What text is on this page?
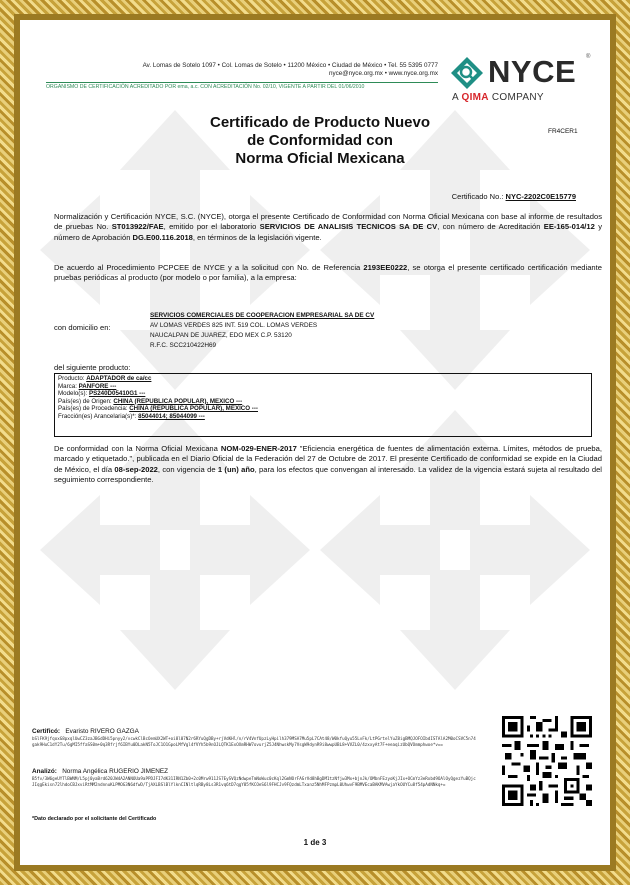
Av. Lomas de Sotelo 1097 • Col. Lomas de Sotelo • 11200 México • Ciudad de México • Tel. 55 5395 0777
nyce@nyce.org.mx • www.nyce.org.mx
ORGANISMO DE CERTIFICACIÓN ACREDITADO POR ema, a.c. CON ACREDITACIÓN No. 02/10, VIGENTE A PARTIR DEL 01/06/2010	NYCE ®
A QIMA COMPANY
Certificado de Producto Nuevo
de Conformidad con
Norma Oficial Mexicana
FR4CER1
Certificado No.: NYC-2202C0E15779
Normalización y Certificación NYCE, S.C. (NYCE), otorga el presente Certificado de Conformidad con Norma Oficial Mexicana con base al informe de resultados de pruebas No. ST013922/FAE, emitido por el laboratorio SERVICIOS DE ANALISIS TECNICOS SA DE CV, con número de Acreditación EE-165-014/12 y número de Aprobación DG.E00.116.2018, en términos de la legislación vigente.
De acuerdo al Procedimiento PCPCEE de NYCE y a la solicitud con No. de Referencia 2193EE0222, se otorga el presente certificado certificación mediante pruebas periódicas al producto (por modelo o por familia), a la empresa:
con domicilio en:
SERVICIOS COMERCIALES DE COOPERACION EMPRESARIAL SA DE CV
AV LOMAS VERDES 825 INT. 519 COL. LOMAS VERDES
NAUCALPAN DE JUAREZ, EDO MEX C.P. 53120
R.F.C. SCC210422H69
del siguiente producto:
Producto: ADAPTADOR de ca/cc
Marca: PANFORE ---
Modelo(s): PS240D05410G1 ---
País(es) de Origen: CHINA (REPUBLICA POPULAR), MEXICO ---
País(es) de Procedencia: CHINA (REPUBLICA POPULAR), MEXICO ---
Fracción(es) Arancelaria(s)*: 85044014; 85044099 ---
De conformidad con la Norma Oficial Mexicana NOM-029-ENER-2017 "Eficiencia energética de fuentes de alimentación externa. Límites, métodos de prueba, marcado y etiquetado.", publicada en el Diario Oficial de la Federación del 27 de Octubre de 2017. El presente Certificado de conformidad se expide en la Ciudad de México, el día 08-sep-2022, con vigencia de 1 (un) año, para los efectos que convengan al interesado. La validez de la vigencia estará sujeta al resultado del seguimiento correspondiente.
Certificó: Evaristo RIVERO GAZGA
bSlFK9jfqoxG8pxqlUwCZ3zaJBGdDHi5pnyy2/vcwkClBcOemUX2WT+oi8l07N2r6RYuQgDBy+rjVdKHl/n/rV4VnfUpzLyHpilh379MSA7Mu5pL7CAt48/W0kfuQyu55LvFk/LtPGrtelYuZ8igBMQJOFOIbdISTAlA2M0oCSVC5n74gak9HuC1dY2Tu/6gMI5ffaSS0m+0q3Rfrjf6IBYu0DLakN5ToJC1O1GpoLMfVgl4fVYh5b9nOJLQTK1ExOXmRHW7ovurjZ5J4NhwskMy7VsgW9dynR9i8wwpUBL8+VVZL0/4zxxyAt7F+eeaqizUbQVOmmphwoe*v==
Analizó: Norma Angélica RUGERIO JIMENEZ
B5fv/3W6geUYTlBWNM/L5pj0yaBrd620JW4A2ANNOUa9aPPDJFI7dK31IRN1Zb0+2c0Mrw911JS7EySVQzNdwpeTmNoWuc0cKql2GmNOrFAGrVd8hBgDM1tzNfjw3Mx+bjnJk/OMbnFEzyoKjJIx+OCmYz3eRxbd9OAlOyQgezYuBQjcJIqgEkisn72lhdoCBJxviRtMM2ndnnuKLPMOG3N6dfwD/TjAXLBSlBlYlknCINltlqRBy8Ls3R1vq6tD7qgY85fKCOeS6l9FHCJv9FQzdmLTxanz5NhMFPzmpL0UhwvF9BMVEcaBAKMVAwjaYkOUYCu8f54pAdNNkq+=
*Dato declarado por el solicitante del Certificado
1 de 3
